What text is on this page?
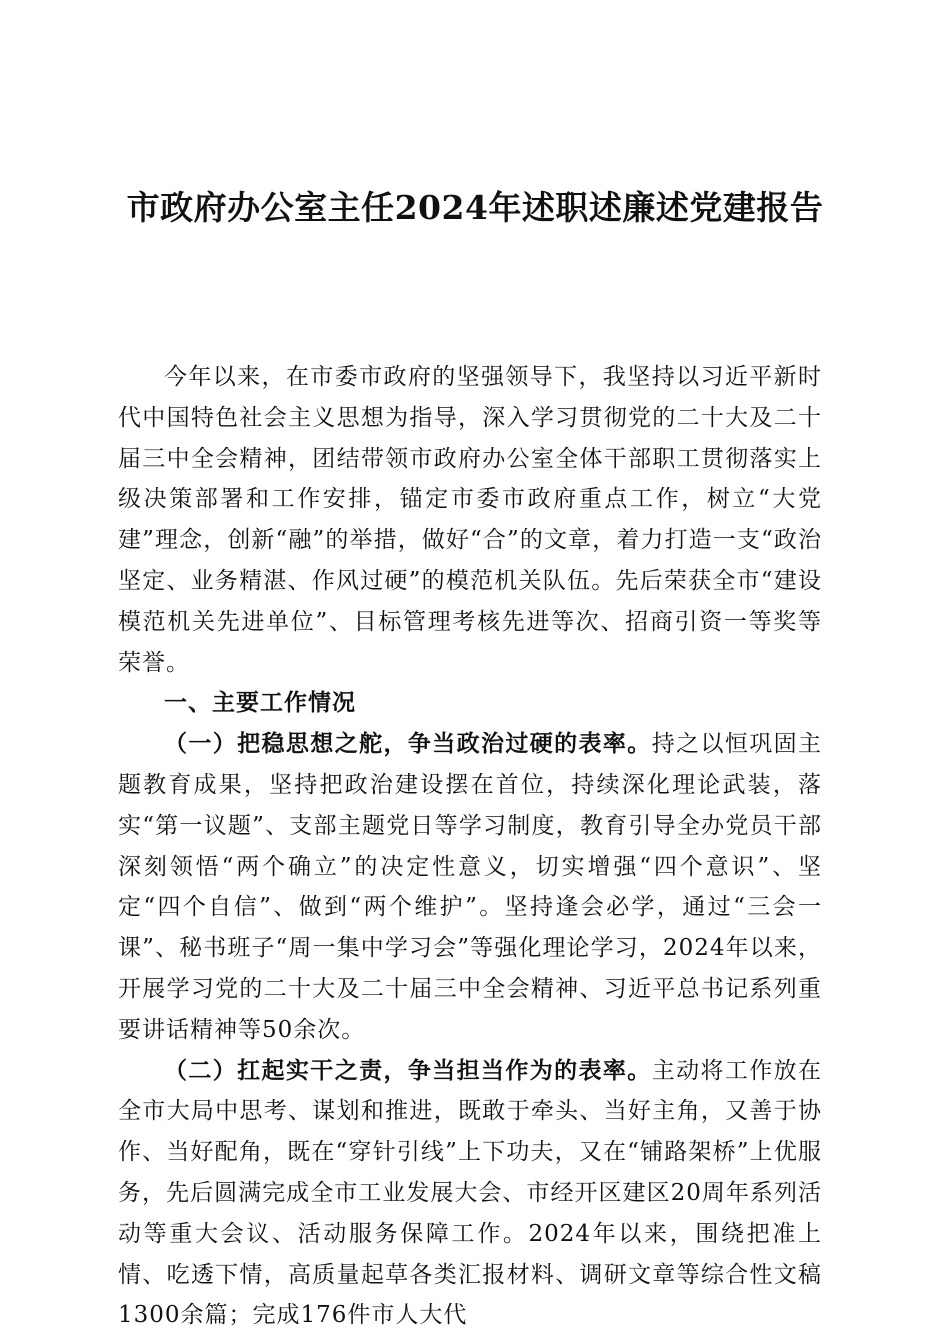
市政府办公室主任2024年述职述廉述党建报告

今年以来，在市委市政府的坚强领导下，我坚持以习近平新时代中国特色社会主义思想为指导，深入学习贯彻党的二十大及二十届三中全会精神，团结带领市政府办公室全体干部职工贯彻落实上级决策部署和工作安排，锚定市委市政府重点工作，树立“大党建”理念，创新“融”的举措，做好“合”的文章，着力打造一支“政治坚定、业务精湛、作风过硬”的模范机关队伍。先后荣获全市“建设模范机关先进单位”、目标管理考核先进等次、招商引资一等奖等荣誉。

一、主要工作情况

（一）把稳思想之舵，争当政治过硬的表率。持之以恒巩固主题教育成果，坚持把政治建设摆在首位，持续深化理论武装，落实“第一议题”、支部主题党日等学习制度，教育引导全办党员干部深刻领悟“两个确立”的决定性意义，切实增强“四个意识”、坚定“四个自信”、做到“两个维护”。坚持逢会必学，通过“三会一课”、秘书班子“周一集中学习会”等强化理论学习，2024年以来，开展学习党的二十大及二十届三中全会精神、习近平总书记系列重要讲话精神等50余次。

（二）扛起实干之责，争当担当作为的表率。主动将工作放在全市大局中思考、谋划和推进，既敢于牵头、当好主角，又善于协作、当好配角，既在“穿针引线”上下功夫，又在“铺路架桥”上优服务，先后圆满完成全市工业发展大会、市经开区建区20周年系列活动等重大会议、活动服务保障工作。2024年以来，围绕把准上情、吃透下情，高质量起草各类汇报材料、调研文章等综合性文稿1300余篇；完成176件市人大代
